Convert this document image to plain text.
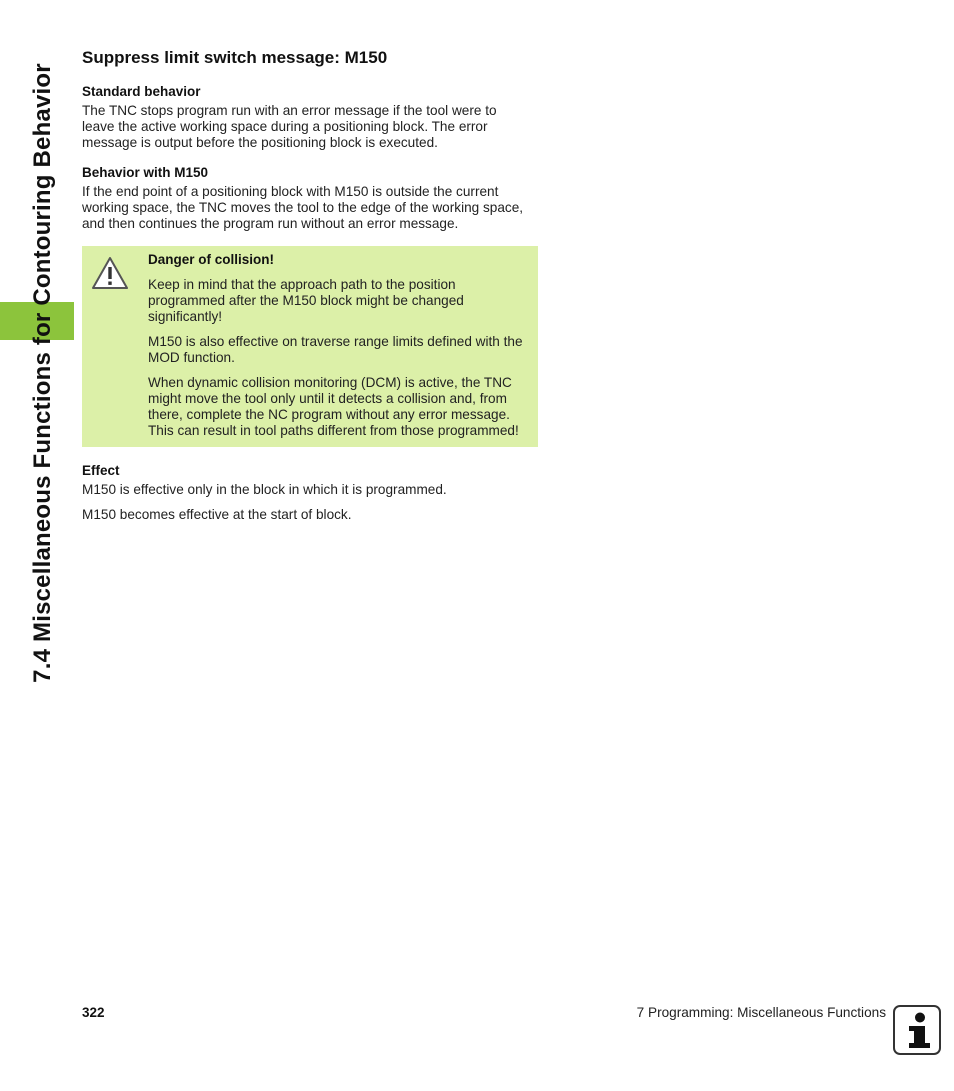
7.4 Miscellaneous Functions for Contouring Behavior
Suppress limit switch message: M150
Standard behavior

The TNC stops program run with an error message if the tool were to leave the active working space during a positioning block. The error message is output before the positioning block is executed.

Behavior with M150

If the end point of a positioning block with M150 is outside the current working space, the TNC moves the tool to the edge of the working space, and then continues the program run without an error message.

Danger of collision!

Keep in mind that the approach path to the position programmed after the M150 block might be changed significantly!

M150 is also effective on traverse range limits defined with the MOD function.

When dynamic collision monitoring (DCM) is active, the TNC might move the tool only until it detects a collision and, from there, complete the NC program without any error message. This can result in tool paths different from those programmed!

Effect

M150 is effective only in the block in which it is programmed.

M150 becomes effective at the start of block.

322	7 Programming: Miscellaneous Functions
